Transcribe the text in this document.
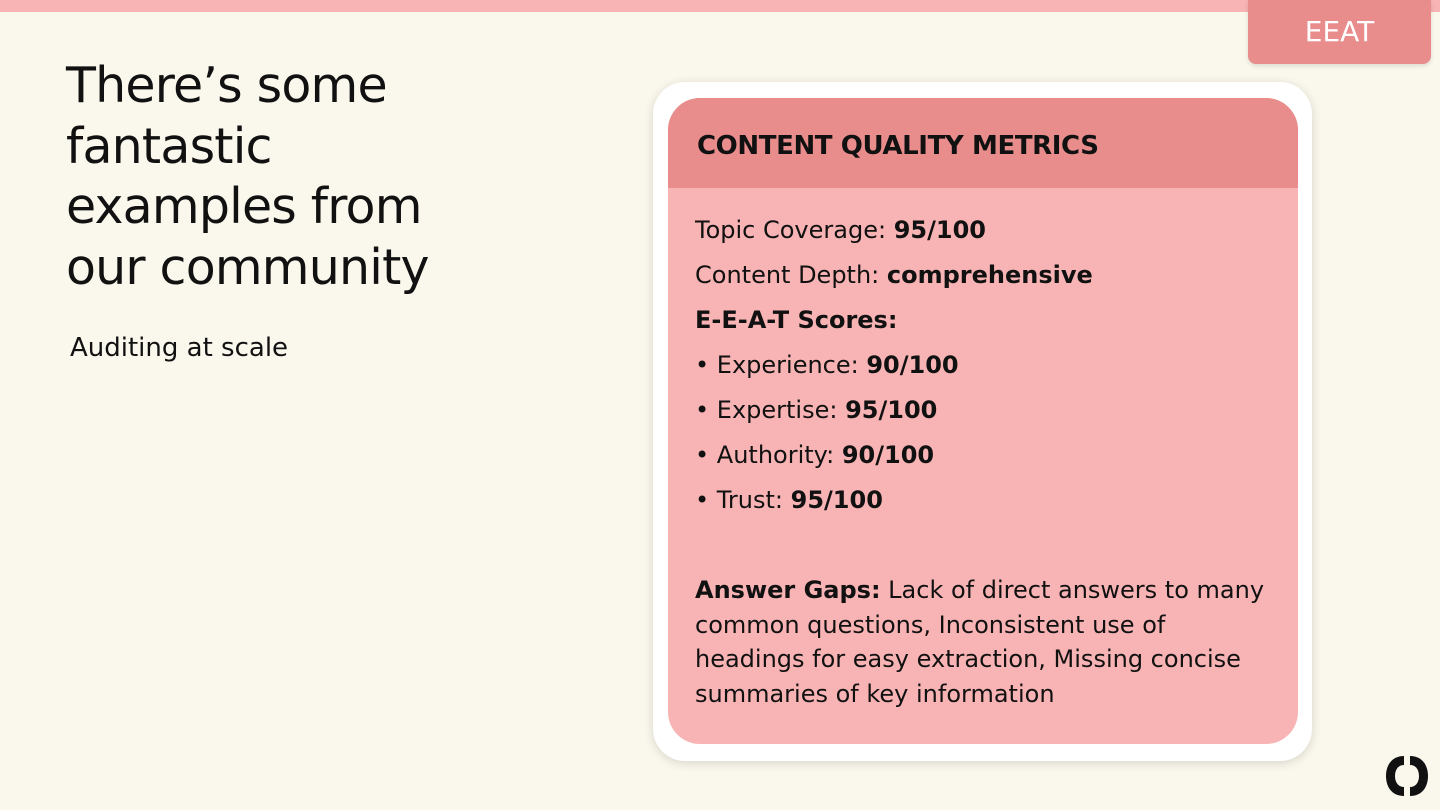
EEAT
There’s some fantastic examples from our community
Auditing at scale
CONTENT QUALITY METRICS
Topic Coverage: 95/100
Content Depth: comprehensive
E-E-A-T Scores:
• Experience: 90/100
• Expertise: 95/100
• Authority: 90/100
• Trust: 95/100
Answer Gaps: Lack of direct answers to many common questions, Inconsistent use of headings for easy extraction, Missing concise summaries of key information
